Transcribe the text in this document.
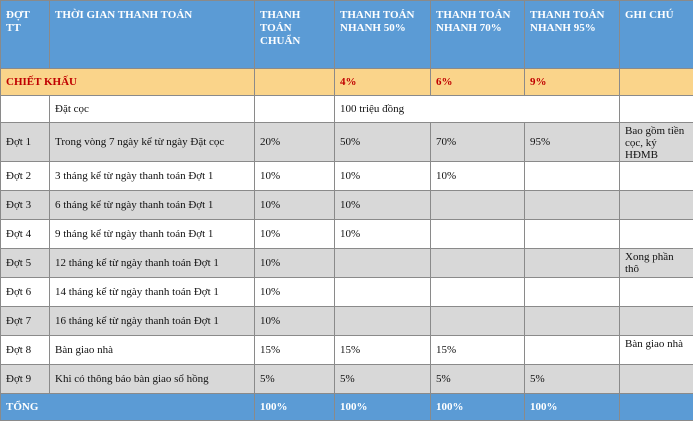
ĐỢT TT	THỜI GIAN THANH TOÁN	THANH TOÁN CHUẨN	THANH TOÁN NHANH 50%	THANH TOÁN NHANH 70%	THANH TOÁN NHANH 95%	GHI CHÚ
CHIẾT KHẤU			4%	6%	9%	
	Đặt cọc		100 triệu đồng			
Đợt 1	Trong vòng 7 ngày kể từ ngày Đặt cọc	20%	50%	70%	95%	Bao gồm tiền cọc, ký HĐMB
Đợt 2	3 tháng kể từ ngày thanh toán Đợt 1	10%	10%	10%		
Đợt 3	6 tháng kể từ ngày thanh toán Đợt 1	10%	10%			
Đợt 4	9 tháng kể từ ngày thanh toán Đợt 1	10%	10%			
Đợt 5	12 tháng kể từ ngày thanh toán Đợt 1	10%				Xong phần thô
Đợt 6	14 tháng kể từ ngày thanh toán Đợt 1	10%				
Đợt 7	16 tháng kể từ ngày thanh toán Đợt 1	10%				
Đợt 8	Bàn giao nhà	15%	15%	15%		Bàn giao nhà
Đợt 9	Khi có thông báo bàn giao sổ hồng	5%	5%	5%	5%	
TỔNG		100%	100%	100%	100%	
